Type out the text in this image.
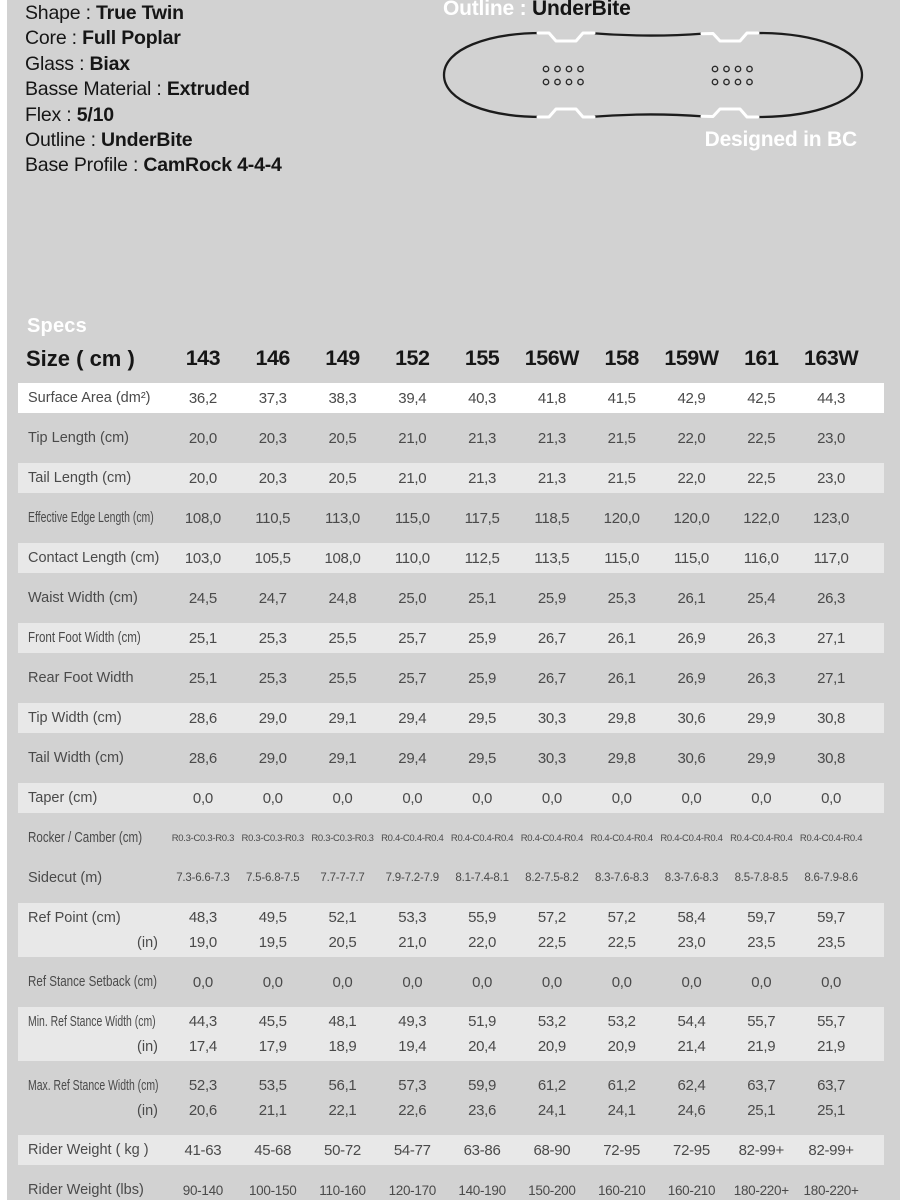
Shape : True Twin
Core : Full Poplar
Glass : Biax
Basse Material : Extruded
Flex : 5/10
Outline : UnderBite
Base Profile : CamRock 4-4-4
Outline : UnderBite
Designed in BC
Specs
Size ( cm )	143	146	149	152	155	156W	158	159W	161	163W
Surface Area (dm²)	36,2	37,3	38,3	39,4	40,3	41,8	41,5	42,9	42,5	44,3
Tip Length (cm)	20,0	20,3	20,5	21,0	21,3	21,3	21,5	22,0	22,5	23,0
Tail Length (cm)	20,0	20,3	20,5	21,0	21,3	21,3	21,5	22,0	22,5	23,0
Effective Edge Length (cm)	108,0	110,5	113,0	115,0	117,5	118,5	120,0	120,0	122,0	123,0
Contact Length (cm)	103,0	105,5	108,0	110,0	112,5	113,5	115,0	115,0	116,0	117,0
Waist Width (cm)	24,5	24,7	24,8	25,0	25,1	25,9	25,3	26,1	25,4	26,3
Front Foot Width (cm)	25,1	25,3	25,5	25,7	25,9	26,7	26,1	26,9	26,3	27,1
Rear Foot Width	25,1	25,3	25,5	25,7	25,9	26,7	26,1	26,9	26,3	27,1
Tip Width (cm)	28,6	29,0	29,1	29,4	29,5	30,3	29,8	30,6	29,9	30,8
Tail Width (cm)	28,6	29,0	29,1	29,4	29,5	30,3	29,8	30,6	29,9	30,8
Taper (cm)	0,0	0,0	0,0	0,0	0,0	0,0	0,0	0,0	0,0	0,0
Rocker / Camber (cm)	R0.3-C0.3-R0.3 R0.3-C0.3-R0.3 R0.3-C0.3-R0.3 R0.4-C0.4-R0.4 R0.4-C0.4-R0.4 R0.4-C0.4-R0.4 R0.4-C0.4-R0.4 R0.4-C0.4-R0.4 R0.4-C0.4-R0.4 R0.4-C0.4-R0.4
Sidecut (m)	7.3-6.6-7.3	7.5-6.8-7.5	7.7-7-7.7	7.9-7.2-7.9	8.1-7.4-8.1	8.2-7.5-8.2	8.3-7.6-8.3	8.3-7.6-8.3	8.5-7.8-8.5	8.6-7.9-8.6
Ref Point (cm)	48,3	49,5	52,1	53,3	55,9	57,2	57,2	58,4	59,7	59,7
(in)	19,0	19,5	20,5	21,0	22,0	22,5	22,5	23,0	23,5	23,5
Ref Stance Setback (cm)	0,0	0,0	0,0	0,0	0,0	0,0	0,0	0,0	0,0	0,0
Min. Ref Stance Width (cm)	44,3	45,5	48,1	49,3	51,9	53,2	53,2	54,4	55,7	55,7
(in)	17,4	17,9	18,9	19,4	20,4	20,9	20,9	21,4	21,9	21,9
Max. Ref Stance Width (cm)	52,3	53,5	56,1	57,3	59,9	61,2	61,2	62,4	63,7	63,7
(in)	20,6	21,1	22,1	22,6	23,6	24,1	24,1	24,6	25,1	25,1
Rider Weight ( kg )	41-63	45-68	50-72	54-77	63-86	68-90	72-95	72-95	82-99+	82-99+
Rider Weight (lbs)	90-140	100-150	110-160	120-170	140-190	150-200	160-210	160-210	180-220+	180-220+
